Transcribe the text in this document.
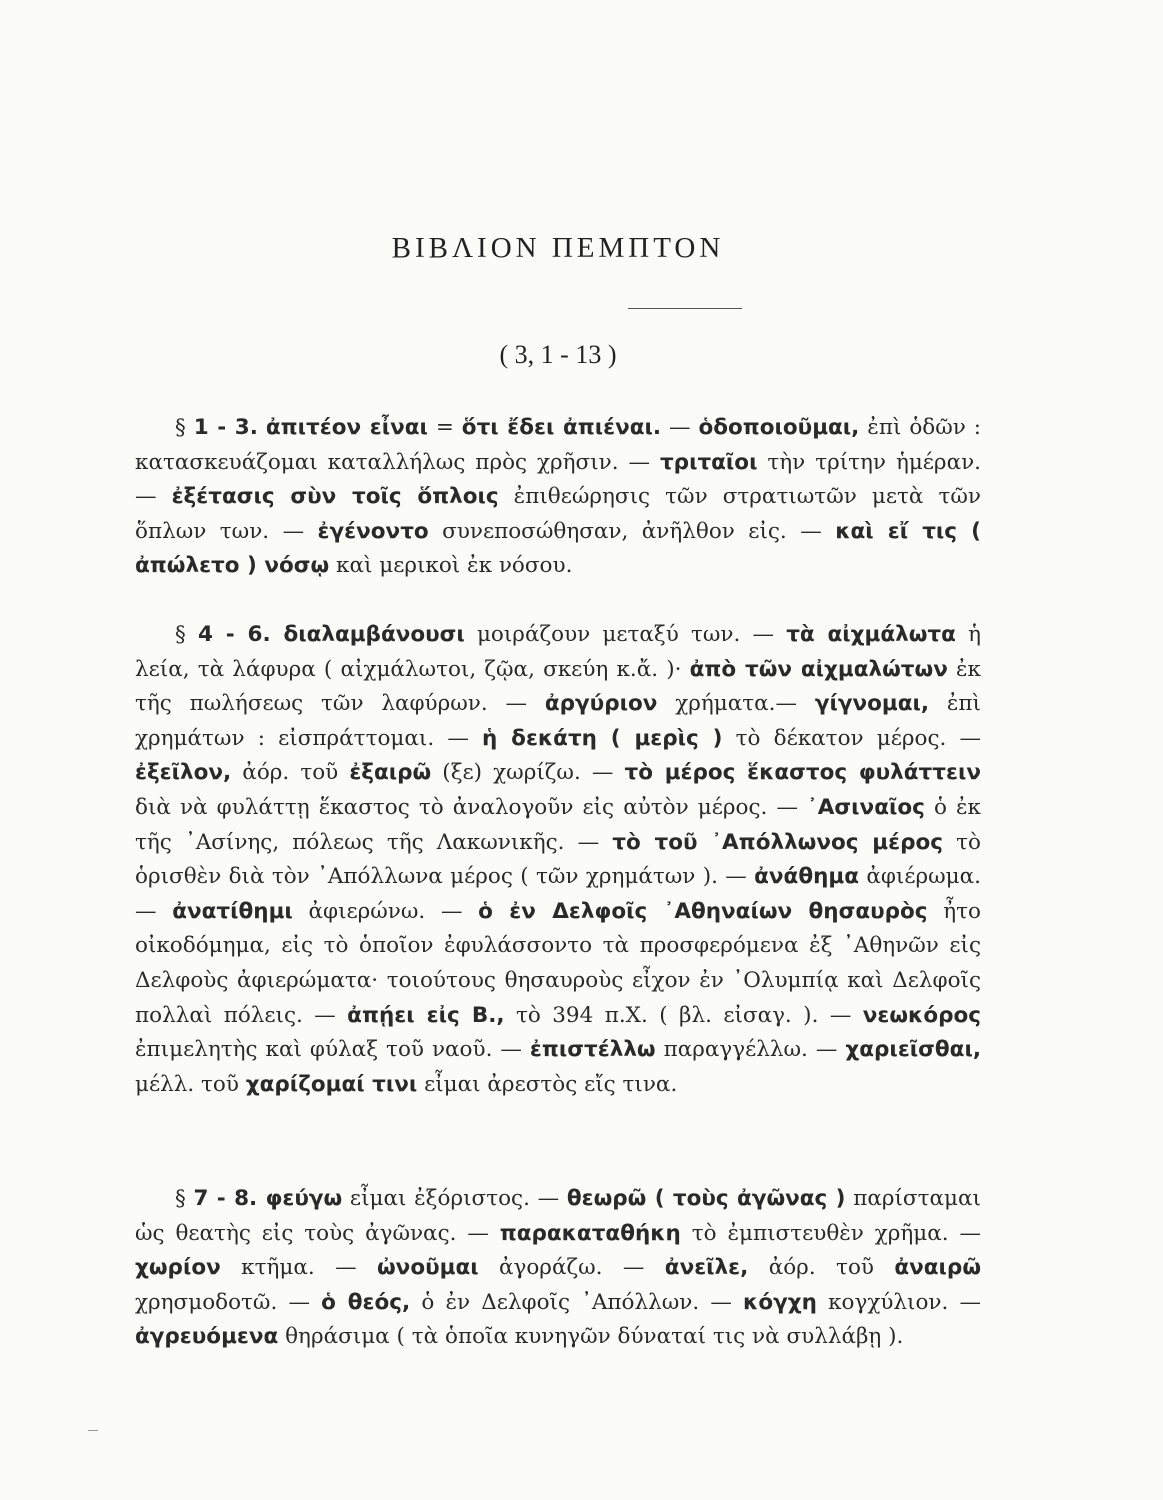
ΒΙΒΛΙΟΝ ΠΕΜΠΤΟΝ
( 3, 1 - 13 )
§ 1 - 3. ἀπιτέον εἶναι = ὅτι ἔδει ἀπιέναι. — ὁδοποιοῦμαι, ἐπὶ ὁδῶν : κατασκευάζομαι καταλλήλως πρὸς χρῆσιν. — τριταῖοι τὴν τρίτην ἡμέραν. — ἐξέτασις σὺν τοῖς ὅπλοις ἐπιθεώρησις τῶν στρατιωτῶν μετὰ τῶν ὅπλων των. — ἐγένοντο συνεποσώθησαν, ἀνῆλθον εἰς. — καὶ εἴ τις ( ἀπώλετο ) νόσῳ καὶ μερικοὶ ἐκ νόσου.
§ 4 - 6. διαλαμβάνουσι μοιράζουν μεταξύ των. — τὰ αἰχμάλωτα ἡ λεία, τὰ λάφυρα ( αἰχμάλωτοι, ζῷα, σκεύη κ.ἄ. )· ἀπὸ τῶν αἰχμαλώτων ἐκ τῆς πωλήσεως τῶν λαφύρων. — ἀργύριον χρήματα.— γίγνομαι, ἐπὶ χρημάτων : εἰσπράττομαι. — ἡ δεκάτη ( μερὶς ) τὸ δέκατον μέρος. — ἐξεῖλον, ἀόρ. τοῦ ἐξαιρῶ (ξε) χωρίζω. — τὸ μέρος ἕκαστος φυλάττειν διὰ νὰ φυλάττῃ ἕκαστος τὸ ἀναλογοῦν εἰς αὐτὸν μέρος. — ᾿Ασιναῖος ὁ ἐκ τῆς ᾿Ασίνης, πόλεως τῆς Λακωνικῆς. — τὸ τοῦ ᾿Απόλλωνος μέρος τὸ ὁρισθὲν διὰ τὸν ᾿Απόλλωνα μέρος ( τῶν χρημάτων ). — ἀνάθημα ἀφιέρωμα. — ἀνατίθημι ἀφιερώνω. — ὁ ἐν Δελφοῖς ᾿Αθηναίων θησαυρὸς ἦτο οἰκοδόμημα, εἰς τὸ ὁποῖον ἐφυλάσσοντο τὰ προσφερόμενα ἐξ ᾿Αθηνῶν εἰς Δελφοὺς ἀφιερώματα· τοιούτους θησαυροὺς εἶχον ἐν ᾿Ολυμπίᾳ καὶ Δελφοῖς πολλαὶ πόλεις. — ἀπῄει εἰς Β., τὸ 394 π.Χ. ( βλ. εἰσαγ. ). — νεωκόρος ἐπιμελητὴς καὶ φύλαξ τοῦ ναοῦ. — ἐπιστέλλω παραγγέλλω. — χαριεῖσθαι, μέλλ. τοῦ χαρίζομαί τινι εἶμαι ἀρεστὸς εἴς τινα.
§ 7 - 8. φεύγω εἶμαι ἐξόριστος. — θεωρῶ ( τοὺς ἀγῶνας ) παρίσταμαι ὡς θεατὴς εἰς τοὺς ἀγῶνας. — παρακαταθήκη τὸ ἐμπιστευθὲν χρῆμα. — χωρίον κτῆμα. — ὠνοῦμαι ἀγοράζω. — ἀνεῖλε, ἀόρ. τοῦ ἀναιρῶ χρησμοδοτῶ. — ὁ θεός, ὁ ἐν Δελφοῖς ᾿Απόλλων. — κόγχη κογχύλιον. — ἀγρευόμενα θηράσιμα ( τὰ ὁποῖα κυνηγῶν δύναταί τις νὰ συλλάβῃ ).
